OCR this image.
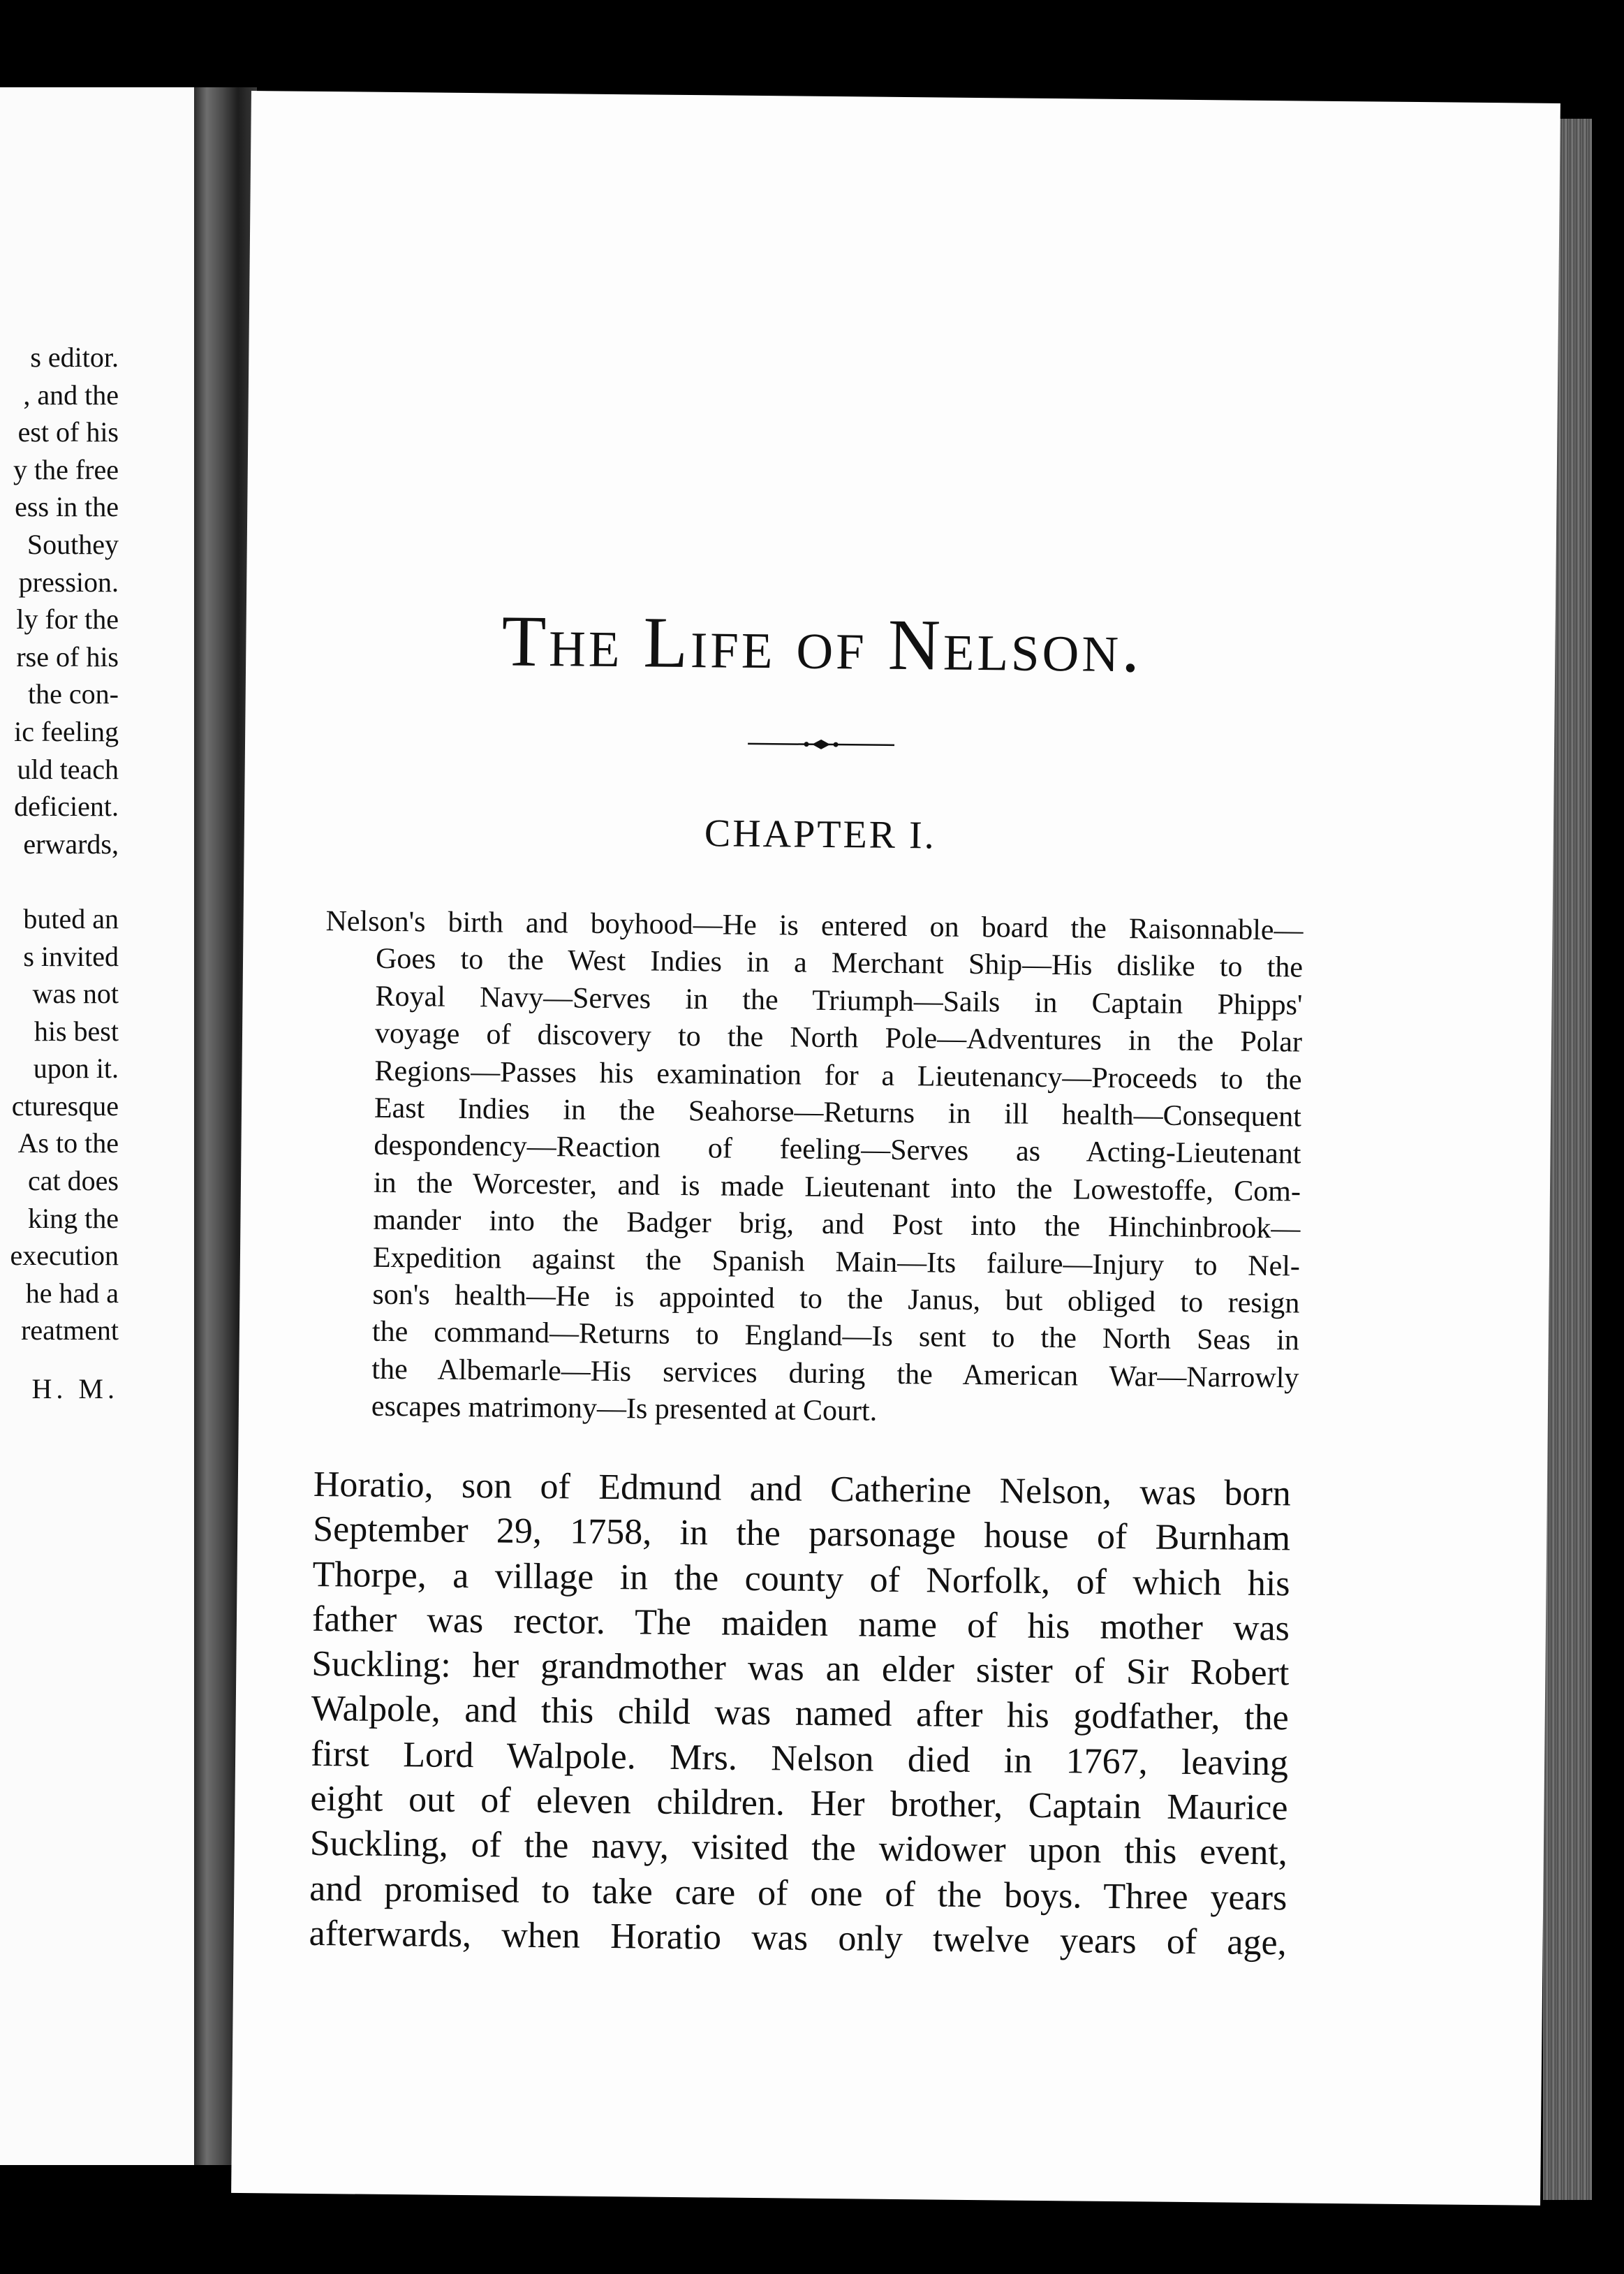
s editor.
, and the
est of his
y the free
ess in the
Southey
pression.
ly for the
rse of his
the con-
ic feeling
uld teach
deficient.
erwards,
buted an
s invited
was not
his best
upon it.
cturesque
As to the
cat does
king the
execution
he had a
reatment
H. M.
The Life of Nelson.
CHAPTER I.
Nelson's birth and boyhood—He is entered on board the Raisonnable—
Goes to the West Indies in a Merchant Ship—His dislike to the
Royal Navy—Serves in the Triumph—Sails in Captain Phipps'
voyage of discovery to the North Pole—Adventures in the Polar
Regions—Passes his examination for a Lieutenancy—Proceeds to the
East Indies in the Seahorse—Returns in ill health—Consequent
despondency—Reaction of feeling—Serves as Acting-Lieutenant
in the Worcester, and is made Lieutenant into the Lowestoffe, Com-
mander into the Badger brig, and Post into the Hinchinbrook—
Expedition against the Spanish Main—Its failure—Injury to Nel-
son's health—He is appointed to the Janus, but obliged to resign
the command—Returns to England—Is sent to the North Seas in
the Albemarle—His services during the American War—Narrowly
escapes matrimony—Is presented at Court.
Horatio, son of Edmund and Catherine Nelson, was born
September 29, 1758, in the parsonage house of Burnham
Thorpe, a village in the county of Norfolk, of which his
father was rector. The maiden name of his mother was
Suckling: her grandmother was an elder sister of Sir Robert
Walpole, and this child was named after his godfather, the
first Lord Walpole. Mrs. Nelson died in 1767, leaving
eight out of eleven children. Her brother, Captain Maurice
Suckling, of the navy, visited the widower upon this event,
and promised to take care of one of the boys. Three years
afterwards, when Horatio was only twelve years of age,
